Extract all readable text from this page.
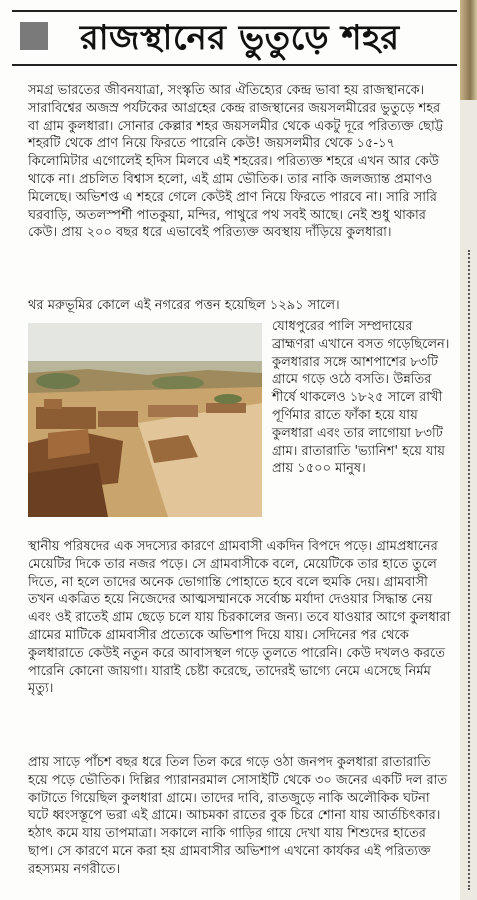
রাজস্থানের ভুতুড়ে শহর
সমগ্র ভারতের জীবনযাত্রা, সংস্কৃতি আর ঐতিহ্যের কেন্দ্র ভাবা হয় রাজস্থানকে। সারাবিশ্বের অজস্র পর্যটকের আগ্রহের কেন্দ্র রাজস্থানের জয়সলমীরের ভুতুড়ে শহর বা গ্রাম কুলধারা। সোনার কেল্লার শহর জয়সলমীর থেকে একটু দূরে পরিত্যক্ত ছোট্ট শহরটি থেকে প্রাণ নিয়ে ফিরতে পারেনি কেউ! জয়সলমীর থেকে ১৫-১৭ কিলোমিটার এগোলেই হদিস মিলবে এই শহরের। পরিত্যক্ত শহরে এখন আর কেউ থাকে না। প্রচলিত বিশ্বাস হলো, এই গ্রাম ভৌতিক। তার নাকি জলজ্যান্ত প্রমাণও মিলেছে। অভিশপ্ত এ শহরে গেলে কেউই প্রাণ নিয়ে ফিরতে পারবে না। সারি সারি ঘরবাড়ি, অতলস্পর্শী পাতকুয়া, মন্দির, পাথুরে পথ সবই আছে। নেই শুধু থাকার কেউ। প্রায় ২০০ বছর ধরে এভাবেই পরিত্যক্ত অবস্থায় দাঁড়িয়ে কুলধারা।
থর মরুভূমির কোলে এই নগরের পত্তন হয়েছিল ১২৯১ সালে।
যোধপুরের পালি সম্প্রদায়ের ব্রাহ্মণরা এখানে বসত গড়েছিলেন। কুলধারার সঙ্গে আশপাশের ৮৩টি গ্রামে গড়ে ওঠে বসতি। উন্নতির শীর্ষে থাকলেও ১৮২৫ সালে রাখী পূর্ণিমার রাতে ফাঁকা হয়ে যায় কুলধারা এবং তার লাগোয়া ৮৩টি গ্রাম। রাতারাতি 'ভ্যানিশ' হয়ে যায় প্রায় ১৫০০ মানুষ।
স্থানীয় পরিষদের এক সদস্যের কারণে গ্রামবাসী একদিন বিপদে পড়ে। গ্রামপ্রধানের মেয়েটির দিকে তার নজর পড়ে। সে গ্রামবাসীকে বলে, মেয়েটিকে তার হাতে তুলে দিতে, না হলে তাদের অনেক ভোগান্তি পোহাতে হবে বলে হুমকি দেয়। গ্রামবাসী তখন একত্রিত হয়ে নিজেদের আত্মসম্মানকে সর্বোচ্চ মর্যাদা দেওয়ার সিদ্ধান্ত নেয় এবং ওই রাতেই গ্রাম ছেড়ে চলে যায় চিরকালের জন্য। তবে যাওয়ার আগে কুলধারা গ্রামের মাটিকে গ্রামবাসীর প্রত্যেকে অভিশাপ দিয়ে যায়। সেদিনের পর থেকে কুলধারাতে কেউই নতুন করে আবাসস্থল গড়ে তুলতে পারেনি। কেউ দখলও করতে পারেনি কোনো জায়গা। যারাই চেষ্টা করেছে, তাদেরই ভাগ্যে নেমে এসেছে নির্মম মৃত্যু।
প্রায় সাড়ে পাঁচশ বছর ধরে তিল তিল করে গড়ে ওঠা জনপদ কুলধারা রাতারাতি হয়ে পড়ে ভৌতিক। দিল্লির প্যারানরমাল সোসাইটি থেকে ৩০ জনের একটি দল রাত কাটাতে গিয়েছিল কুলধারা গ্রামে। তাদের দাবি, রাতজুড়ে নাকি অলৌকিক ঘটনা ঘটে ধ্বংসস্তূপে ভরা এই গ্রামে। আচমকা রাতের বুক চিরে শোনা যায় আর্তচিৎকার। হঠাৎ কমে যায় তাপমাত্রা। সকালে নাকি গাড়ির গায়ে দেখা যায় শিশুদের হাতের ছাপ। সে কারণে মনে করা হয় গ্রামবাসীর অভিশাপ এখনো কার্যকর এই পরিত্যক্ত রহস্যময় নগরীতে।
